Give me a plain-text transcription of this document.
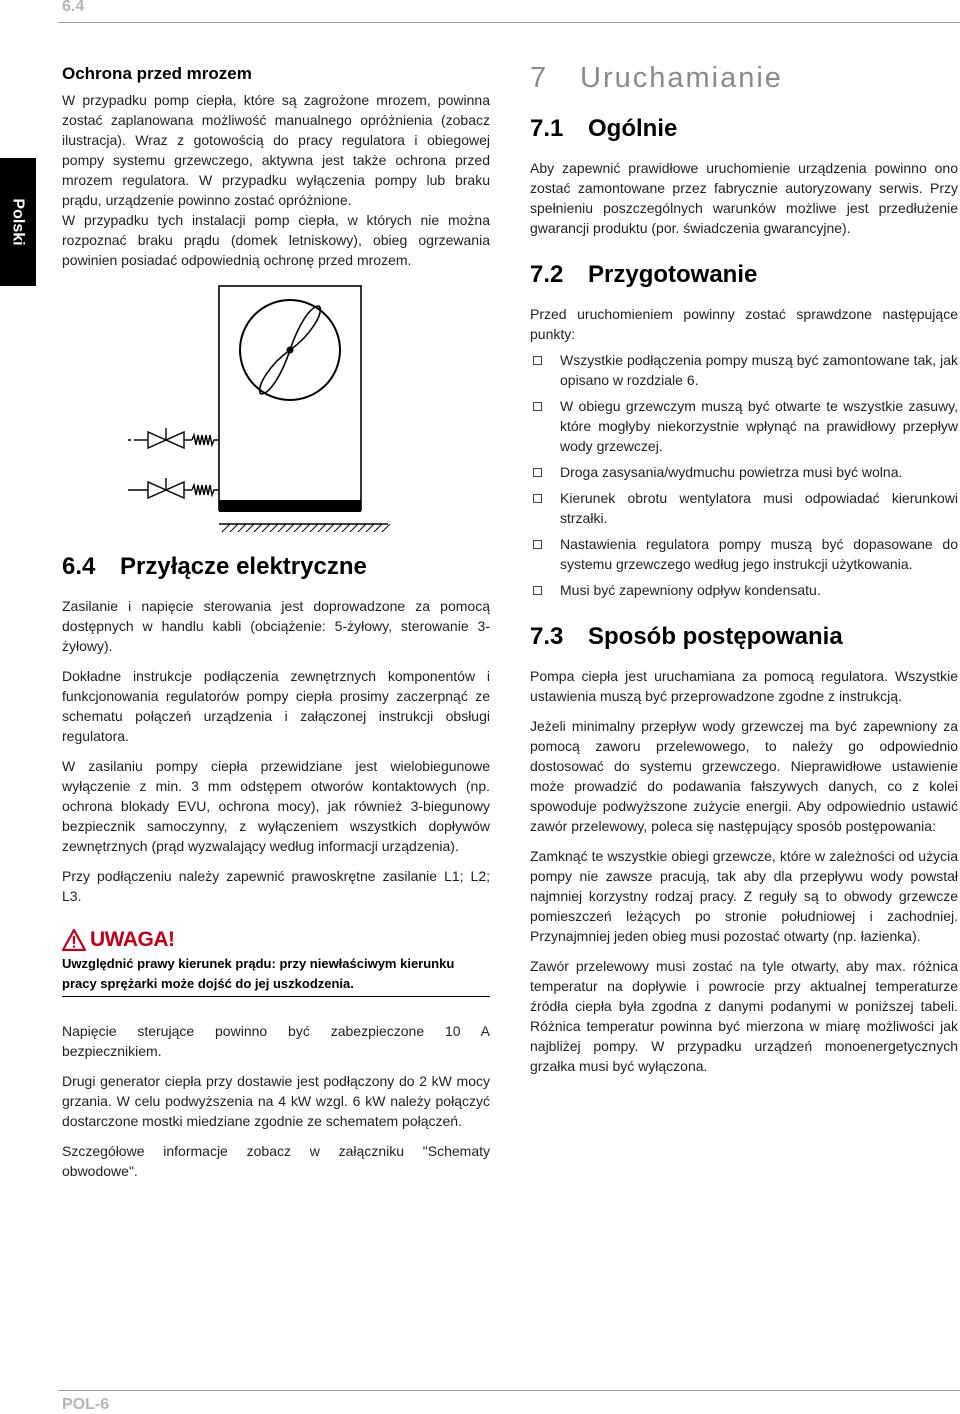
6.4
Polski
Ochrona przed mrozem

W przypadku pomp ciepła, które są zagrożone mrozem, powinna zostać zaplanowana możliwość manualnego opróżnienia (zobacz ilustracja). Wraz z gotowością do pracy regulatora i obiegowej pompy systemu grzewczego, aktywna jest także ochrona przed mrozem regulatora. W przypadku wyłączenia pompy lub braku prądu, urządzenie powinno zostać opróżnione.

W przypadku tych instalacji pomp ciepła, w których nie można rozpoznać braku prądu (domek letniskowy), obieg ogrzewania powinien posiadać odpowiednią ochronę przed mrozem.

6.4 Przyłącze elektryczne

Zasilanie i napięcie sterowania jest doprowadzone za pomocą dostępnych w handlu kabli (obciążenie: 5-żyłowy, sterowanie 3-żyłowy).

Dokładne instrukcje podłączenia zewnętrznych komponentów i funkcjonowania regulatorów pompy ciepła prosimy zaczerpnąć ze schematu połączeń urządzenia i załączonej instrukcji obsługi regulatora.

W zasilaniu pompy ciepła przewidziane jest wielobiegunowe wyłączenie z min. 3 mm odstępem otworów kontaktowych (np. ochrona blokady EVU, ochrona mocy), jak również 3-biegunowy bezpiecznik samoczynny, z wyłączeniem wszystkich dopływów zewnętrznych (prąd wyzwalający według informacji urządzenia).

Przy podłączeniu należy zapewnić prawoskrętne zasilanie L1; L2; L3.

UWAGA!
Uwzględnić prawy kierunek prądu: przy niewłaściwym kierunku pracy sprężarki może dojść do jej uszkodzenia.

Napięcie sterujące powinno być zabezpieczone 10 A bezpiecznikiem.

Drugi generator ciepła przy dostawie jest podłączony do 2 kW mocy grzania. W celu podwyższenia na 4 kW wzgl. 6 kW należy połączyć dostarczone mostki miedziane zgodnie ze schematem połączeń.

Szczegółowe informacje zobacz w załączniku "Schematy obwodowe".

7 Uruchamianie
7.1 Ogólnie

Aby zapewnić prawidłowe uruchomienie urządzenia powinno ono zostać zamontowane przez fabrycznie autoryzowany serwis. Przy spełnieniu poszczególnych warunków możliwe jest przedłużenie gwarancji produktu (por. świadczenia gwarancyjne).

7.2 Przygotowanie

Przed uruchomieniem powinny zostać sprawdzone następujące punkty:

Wszystkie podłączenia pompy muszą być zamontowane tak, jak opisano w rozdziale 6.
W obiegu grzewczym muszą być otwarte te wszystkie zasuwy, które mogłyby niekorzystnie wpłynąć na prawidłowy przepływ wody grzewczej.
Droga zasysania/wydmuchu powietrza musi być wolna.
Kierunek obrotu wentylatora musi odpowiadać kierunkowi strzałki.
Nastawienia regulatora pompy muszą być dopasowane do systemu grzewczego według jego instrukcji użytkowania.
Musi być zapewniony odpływ kondensatu.
7.3 Sposób postępowania

Pompa ciepła jest uruchamiana za pomocą regulatora. Wszystkie ustawienia muszą być przeprowadzone zgodne z instrukcją.

Jeżeli minimalny przepływ wody grzewczej ma być zapewniony za pomocą zaworu przelewowego, to należy go odpowiednio dostosować do systemu grzewczego. Nieprawidłowe ustawienie może prowadzić do podawania fałszywych danych, co z kolei spowoduje podwyższone zużycie energii. Aby odpowiednio ustawić zawór przelewowy, poleca się następujący sposób postępowania:

Zamknąć te wszystkie obiegi grzewcze, które w zależności od użycia pompy nie zawsze pracują, tak aby dla przepływu wody powstał najmniej korzystny rodzaj pracy. Z reguły są to obwody grzewcze pomieszczeń leżących po stronie południowej i zachodniej. Przynajmniej jeden obieg musi pozostać otwarty (np. łazienka).

Zawór przelewowy musi zostać na tyle otwarty, aby max. różnica temperatur na dopływie i powrocie przy aktualnej temperaturze źródła ciepła była zgodna z danymi podanymi w poniższej tabeli. Różnica temperatur powinna być mierzona w miarę możliwości jak najbliżej pompy. W przypadku urządzeń monoenergetycznych grzałka musi być wyłączona.

POL-6
